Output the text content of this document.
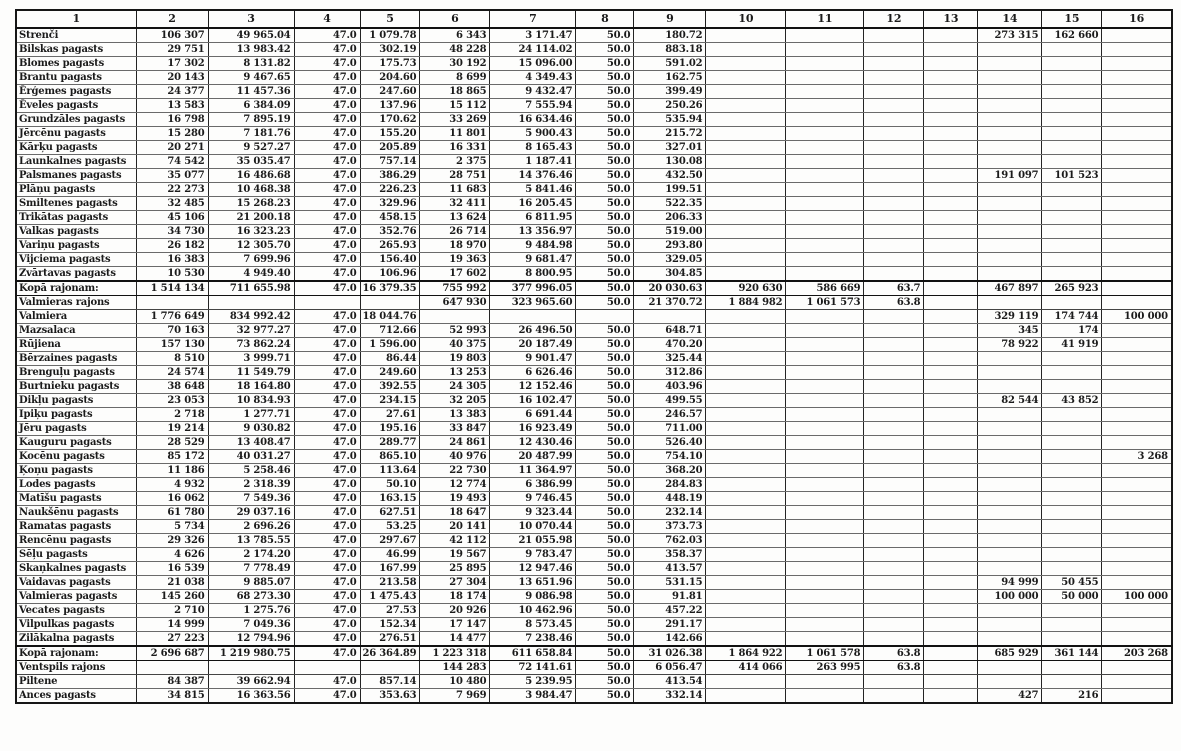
1	2	3	4	5	6	7	8	9	10	11	12	13	14	15	16
Strenči	106 307	49 965.04	47.0	1 079.78	6 343	3 171.47	50.0	180.72					273 315	162 660	
Bilskas pagasts	29 751	13 983.42	47.0	302.19	48 228	24 114.02	50.0	883.18							
Blomes pagasts	17 302	8 131.82	47.0	175.73	30 192	15 096.00	50.0	591.02							
Brantu pagasts	20 143	9 467.65	47.0	204.60	8 699	4 349.43	50.0	162.75							
Ērģemes pagasts	24 377	11 457.36	47.0	247.60	18 865	9 432.47	50.0	399.49							
Ēveles pagasts	13 583	6 384.09	47.0	137.96	15 112	7 555.94	50.0	250.26							
Grundzāles pagasts	16 798	7 895.19	47.0	170.62	33 269	16 634.46	50.0	535.94							
Jērcēnu pagasts	15 280	7 181.76	47.0	155.20	11 801	5 900.43	50.0	215.72							
Kārķu pagasts	20 271	9 527.27	47.0	205.89	16 331	8 165.43	50.0	327.01							
Launkalnes pagasts	74 542	35 035.47	47.0	757.14	2 375	1 187.41	50.0	130.08							
Palsmanes pagasts	35 077	16 486.68	47.0	386.29	28 751	14 376.46	50.0	432.50					191 097	101 523	
Plāņu pagasts	22 273	10 468.38	47.0	226.23	11 683	5 841.46	50.0	199.51							
Smiltenes pagasts	32 485	15 268.23	47.0	329.96	32 411	16 205.45	50.0	522.35							
Trikātas pagasts	45 106	21 200.18	47.0	458.15	13 624	6 811.95	50.0	206.33							
Valkas pagasts	34 730	16 323.23	47.0	352.76	26 714	13 356.97	50.0	519.00							
Variņu pagasts	26 182	12 305.70	47.0	265.93	18 970	9 484.98	50.0	293.80							
Vijciema pagasts	16 383	7 699.96	47.0	156.40	19 363	9 681.47	50.0	329.05							
Zvārtavas pagasts	10 530	4 949.40	47.0	106.96	17 602	8 800.95	50.0	304.85							
Kopā rajonam:	1 514 134	711 655.98	47.0	16 379.35	755 992	377 996.05	50.0	20 030.63	920 630	586 669	63.7		467 897	265 923	
Valmieras rajons					647 930	323 965.60	50.0	21 370.72	1 884 982	1 061 573	63.8				
Valmiera	1 776 649	834 992.42	47.0	18 044.76									329 119	174 744	100 000
Mazsalaca	70 163	32 977.27	47.0	712.66	52 993	26 496.50	50.0	648.71					345	174	
Rūjiena	157 130	73 862.24	47.0	1 596.00	40 375	20 187.49	50.0	470.20					78 922	41 919	
Bērzaines pagasts	8 510	3 999.71	47.0	86.44	19 803	9 901.47	50.0	325.44							
Brenguļu pagasts	24 574	11 549.79	47.0	249.60	13 253	6 626.46	50.0	312.86							
Burtnieku pagasts	38 648	18 164.80	47.0	392.55	24 305	12 152.46	50.0	403.96							
Dikļu pagasts	23 053	10 834.93	47.0	234.15	32 205	16 102.47	50.0	499.55					82 544	43 852	
Ipiķu pagasts	2 718	1 277.71	47.0	27.61	13 383	6 691.44	50.0	246.57							
Jēru pagasts	19 214	9 030.82	47.0	195.16	33 847	16 923.49	50.0	711.00							
Kauguru pagasts	28 529	13 408.47	47.0	289.77	24 861	12 430.46	50.0	526.40							
Kocēnu pagasts	85 172	40 031.27	47.0	865.10	40 976	20 487.99	50.0	754.10							3 268
Ķoņu pagasts	11 186	5 258.46	47.0	113.64	22 730	11 364.97	50.0	368.20							
Lodes pagasts	4 932	2 318.39	47.0	50.10	12 774	6 386.99	50.0	284.83							
Matīšu pagasts	16 062	7 549.36	47.0	163.15	19 493	9 746.45	50.0	448.19							
Naukšēnu pagasts	61 780	29 037.16	47.0	627.51	18 647	9 323.44	50.0	232.14							
Ramatas pagasts	5 734	2 696.26	47.0	53.25	20 141	10 070.44	50.0	373.73							
Rencēnu pagasts	29 326	13 785.55	47.0	297.67	42 112	21 055.98	50.0	762.03							
Sēļu pagasts	4 626	2 174.20	47.0	46.99	19 567	9 783.47	50.0	358.37							
Skaņkalnes pagasts	16 539	7 778.49	47.0	167.99	25 895	12 947.46	50.0	413.57							
Vaidavas pagasts	21 038	9 885.07	47.0	213.58	27 304	13 651.96	50.0	531.15					94 999	50 455	
Valmieras pagasts	145 260	68 273.30	47.0	1 475.43	18 174	9 086.98	50.0	91.81					100 000	50 000	100 000
Vecates pagasts	2 710	1 275.76	47.0	27.53	20 926	10 462.96	50.0	457.22							
Vilpulkas pagasts	14 999	7 049.36	47.0	152.34	17 147	8 573.45	50.0	291.17							
Zilākalna pagasts	27 223	12 794.96	47.0	276.51	14 477	7 238.46	50.0	142.66							
Kopā rajonam:	2 696 687	1 219 980.75	47.0	26 364.89	1 223 318	611 658.84	50.0	31 026.38	1 864 922	1 061 578	63.8		685 929	361 144	203 268
Ventspils rajons					144 283	72 141.61	50.0	6 056.47	414 066	263 995	63.8				
Piltene	84 387	39 662.94	47.0	857.14	10 480	5 239.95	50.0	413.54							
Ances pagasts	34 815	16 363.56	47.0	353.63	7 969	3 984.47	50.0	332.14					427	216	
